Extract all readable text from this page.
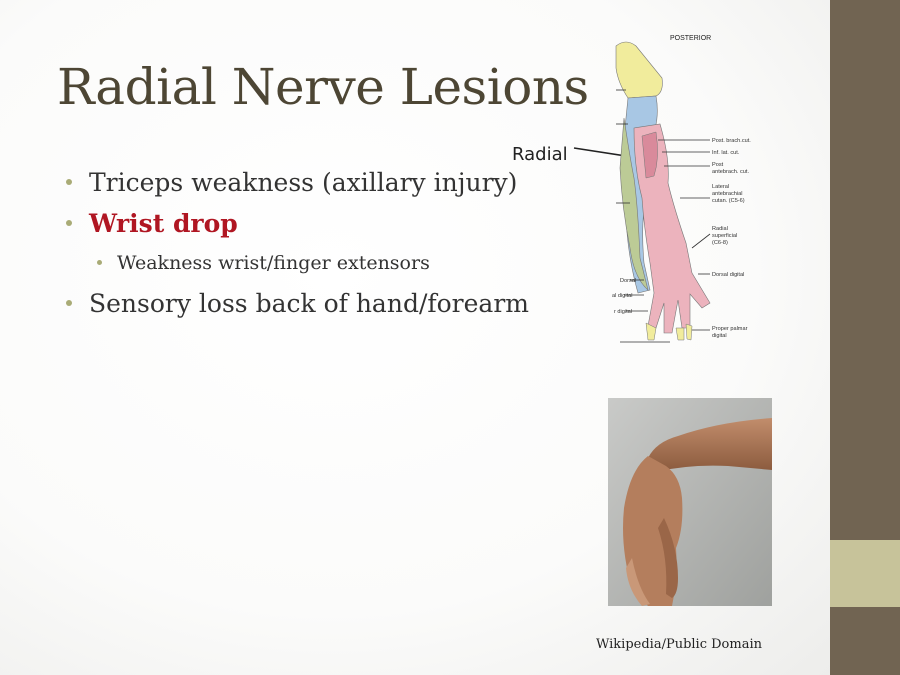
Radial Nerve Lesions
Triceps weakness (axillary injury)
Wrist drop
Weakness wrist/finger extensors
Sensory loss back of hand/forearm
Radial
POSTERIOR
Post. brach.cut.
Inf. lat. cut.
Post
antebrach. cut.
Lateral
antebrachial
cutan. (C5-6)
Radial
superficial
(C6-8)
Dorsal digital
Proper palmar
digital
Dorsal
al digital
r digital
Wikipedia/Public Domain
